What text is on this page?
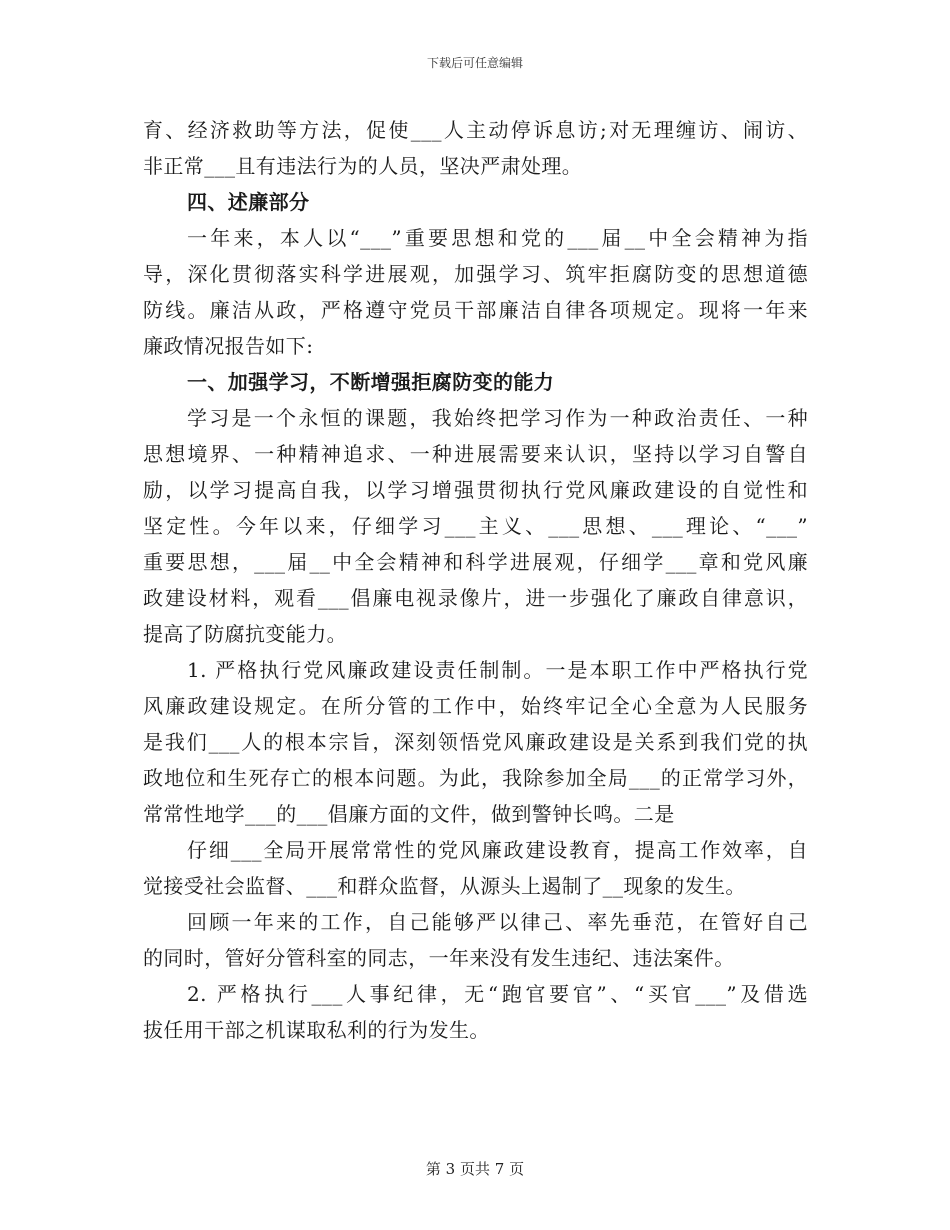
下载后可任意编辑
育、经济救助等方法，促使___人主动停诉息访;对无理缠访、闹访、
非正常___且有违法行为的人员，坚决严肃处理。
四、述廉部分
一年来，本人以“___”重要思想和党的___届__中全会精神为指
导，深化贯彻落实科学进展观，加强学习、筑牢拒腐防变的思想道德
防线。廉洁从政，严格遵守党员干部廉洁自律各项规定。现将一年来
廉政情况报告如下:
一、加强学习，不断增强拒腐防变的能力
学习是一个永恒的课题，我始终把学习作为一种政治责任、一种
思想境界、一种精神追求、一种进展需要来认识，坚持以学习自警自
励，以学习提高自我，以学习增强贯彻执行党风廉政建设的自觉性和
坚定性。今年以来，仔细学习___主义、___思想、___理论、“___”
重要思想，___届__中全会精神和科学进展观，仔细学___章和党风廉
政建设材料，观看___倡廉电视录像片，进一步强化了廉政自律意识，
提高了防腐抗变能力。
1. 严格执行党风廉政建设责任制制。一是本职工作中严格执行党
风廉政建设规定。在所分管的工作中，始终牢记全心全意为人民服务
是我们___人的根本宗旨，深刻领悟党风廉政建设是关系到我们党的执
政地位和生死存亡的根本问题。为此，我除参加全局___的正常学习外，
常常性地学___的___倡廉方面的文件，做到警钟长鸣。二是
仔细___全局开展常常性的党风廉政建设教育，提高工作效率，自
觉接受社会监督、___和群众监督，从源头上遏制了__现象的发生。
回顾一年来的工作，自己能够严以律己、率先垂范，在管好自己
的同时，管好分管科室的同志，一年来没有发生违纪、违法案件。
2. 严格执行___人事纪律，无“跑官要官”、“买官___”及借选
拔任用干部之机谋取私利的行为发生。
第 3 页共 7 页
